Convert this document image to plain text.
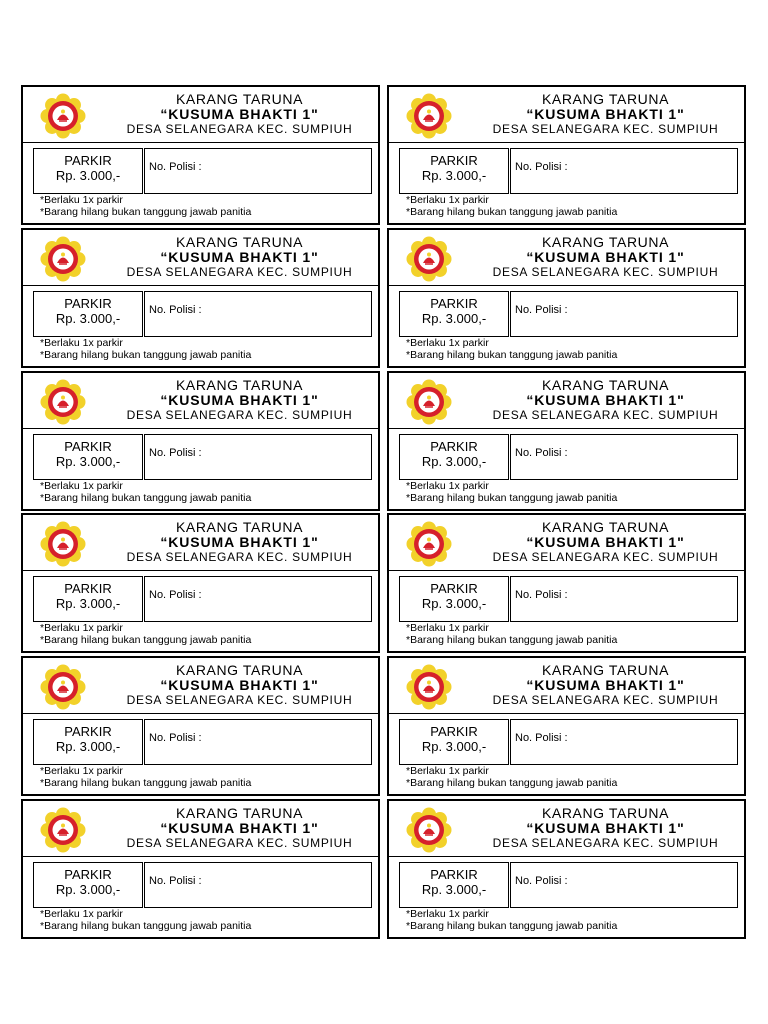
KARANG TARUNA
“KUSUMA BHAKTI 1"
DESA SELANEGARA KEC. SUMPIUH
PARKIR
Rp. 3.000,-
No. Polisi :
*Berlaku 1x parkir
*Barang hilang bukan tanggung jawab panitia
KARANG TARUNA
“KUSUMA BHAKTI 1"
DESA SELANEGARA KEC. SUMPIUH
PARKIR
Rp. 3.000,-
No. Polisi :
*Berlaku 1x parkir
*Barang hilang bukan tanggung jawab panitia
KARANG TARUNA
“KUSUMA BHAKTI 1"
DESA SELANEGARA KEC. SUMPIUH
PARKIR
Rp. 3.000,-
No. Polisi :
*Berlaku 1x parkir
*Barang hilang bukan tanggung jawab panitia
KARANG TARUNA
“KUSUMA BHAKTI 1"
DESA SELANEGARA KEC. SUMPIUH
PARKIR
Rp. 3.000,-
No. Polisi :
*Berlaku 1x parkir
*Barang hilang bukan tanggung jawab panitia
KARANG TARUNA
“KUSUMA BHAKTI 1"
DESA SELANEGARA KEC. SUMPIUH
PARKIR
Rp. 3.000,-
No. Polisi :
*Berlaku 1x parkir
*Barang hilang bukan tanggung jawab panitia
KARANG TARUNA
“KUSUMA BHAKTI 1"
DESA SELANEGARA KEC. SUMPIUH
PARKIR
Rp. 3.000,-
No. Polisi :
*Berlaku 1x parkir
*Barang hilang bukan tanggung jawab panitia
KARANG TARUNA
“KUSUMA BHAKTI 1"
DESA SELANEGARA KEC. SUMPIUH
PARKIR
Rp. 3.000,-
No. Polisi :
*Berlaku 1x parkir
*Barang hilang bukan tanggung jawab panitia
KARANG TARUNA
“KUSUMA BHAKTI 1"
DESA SELANEGARA KEC. SUMPIUH
PARKIR
Rp. 3.000,-
No. Polisi :
*Berlaku 1x parkir
*Barang hilang bukan tanggung jawab panitia
KARANG TARUNA
“KUSUMA BHAKTI 1"
DESA SELANEGARA KEC. SUMPIUH
PARKIR
Rp. 3.000,-
No. Polisi :
*Berlaku 1x parkir
*Barang hilang bukan tanggung jawab panitia
KARANG TARUNA
“KUSUMA BHAKTI 1"
DESA SELANEGARA KEC. SUMPIUH
PARKIR
Rp. 3.000,-
No. Polisi :
*Berlaku 1x parkir
*Barang hilang bukan tanggung jawab panitia
KARANG TARUNA
“KUSUMA BHAKTI 1"
DESA SELANEGARA KEC. SUMPIUH
PARKIR
Rp. 3.000,-
No. Polisi :
*Berlaku 1x parkir
*Barang hilang bukan tanggung jawab panitia
KARANG TARUNA
“KUSUMA BHAKTI 1"
DESA SELANEGARA KEC. SUMPIUH
PARKIR
Rp. 3.000,-
No. Polisi :
*Berlaku 1x parkir
*Barang hilang bukan tanggung jawab panitia
